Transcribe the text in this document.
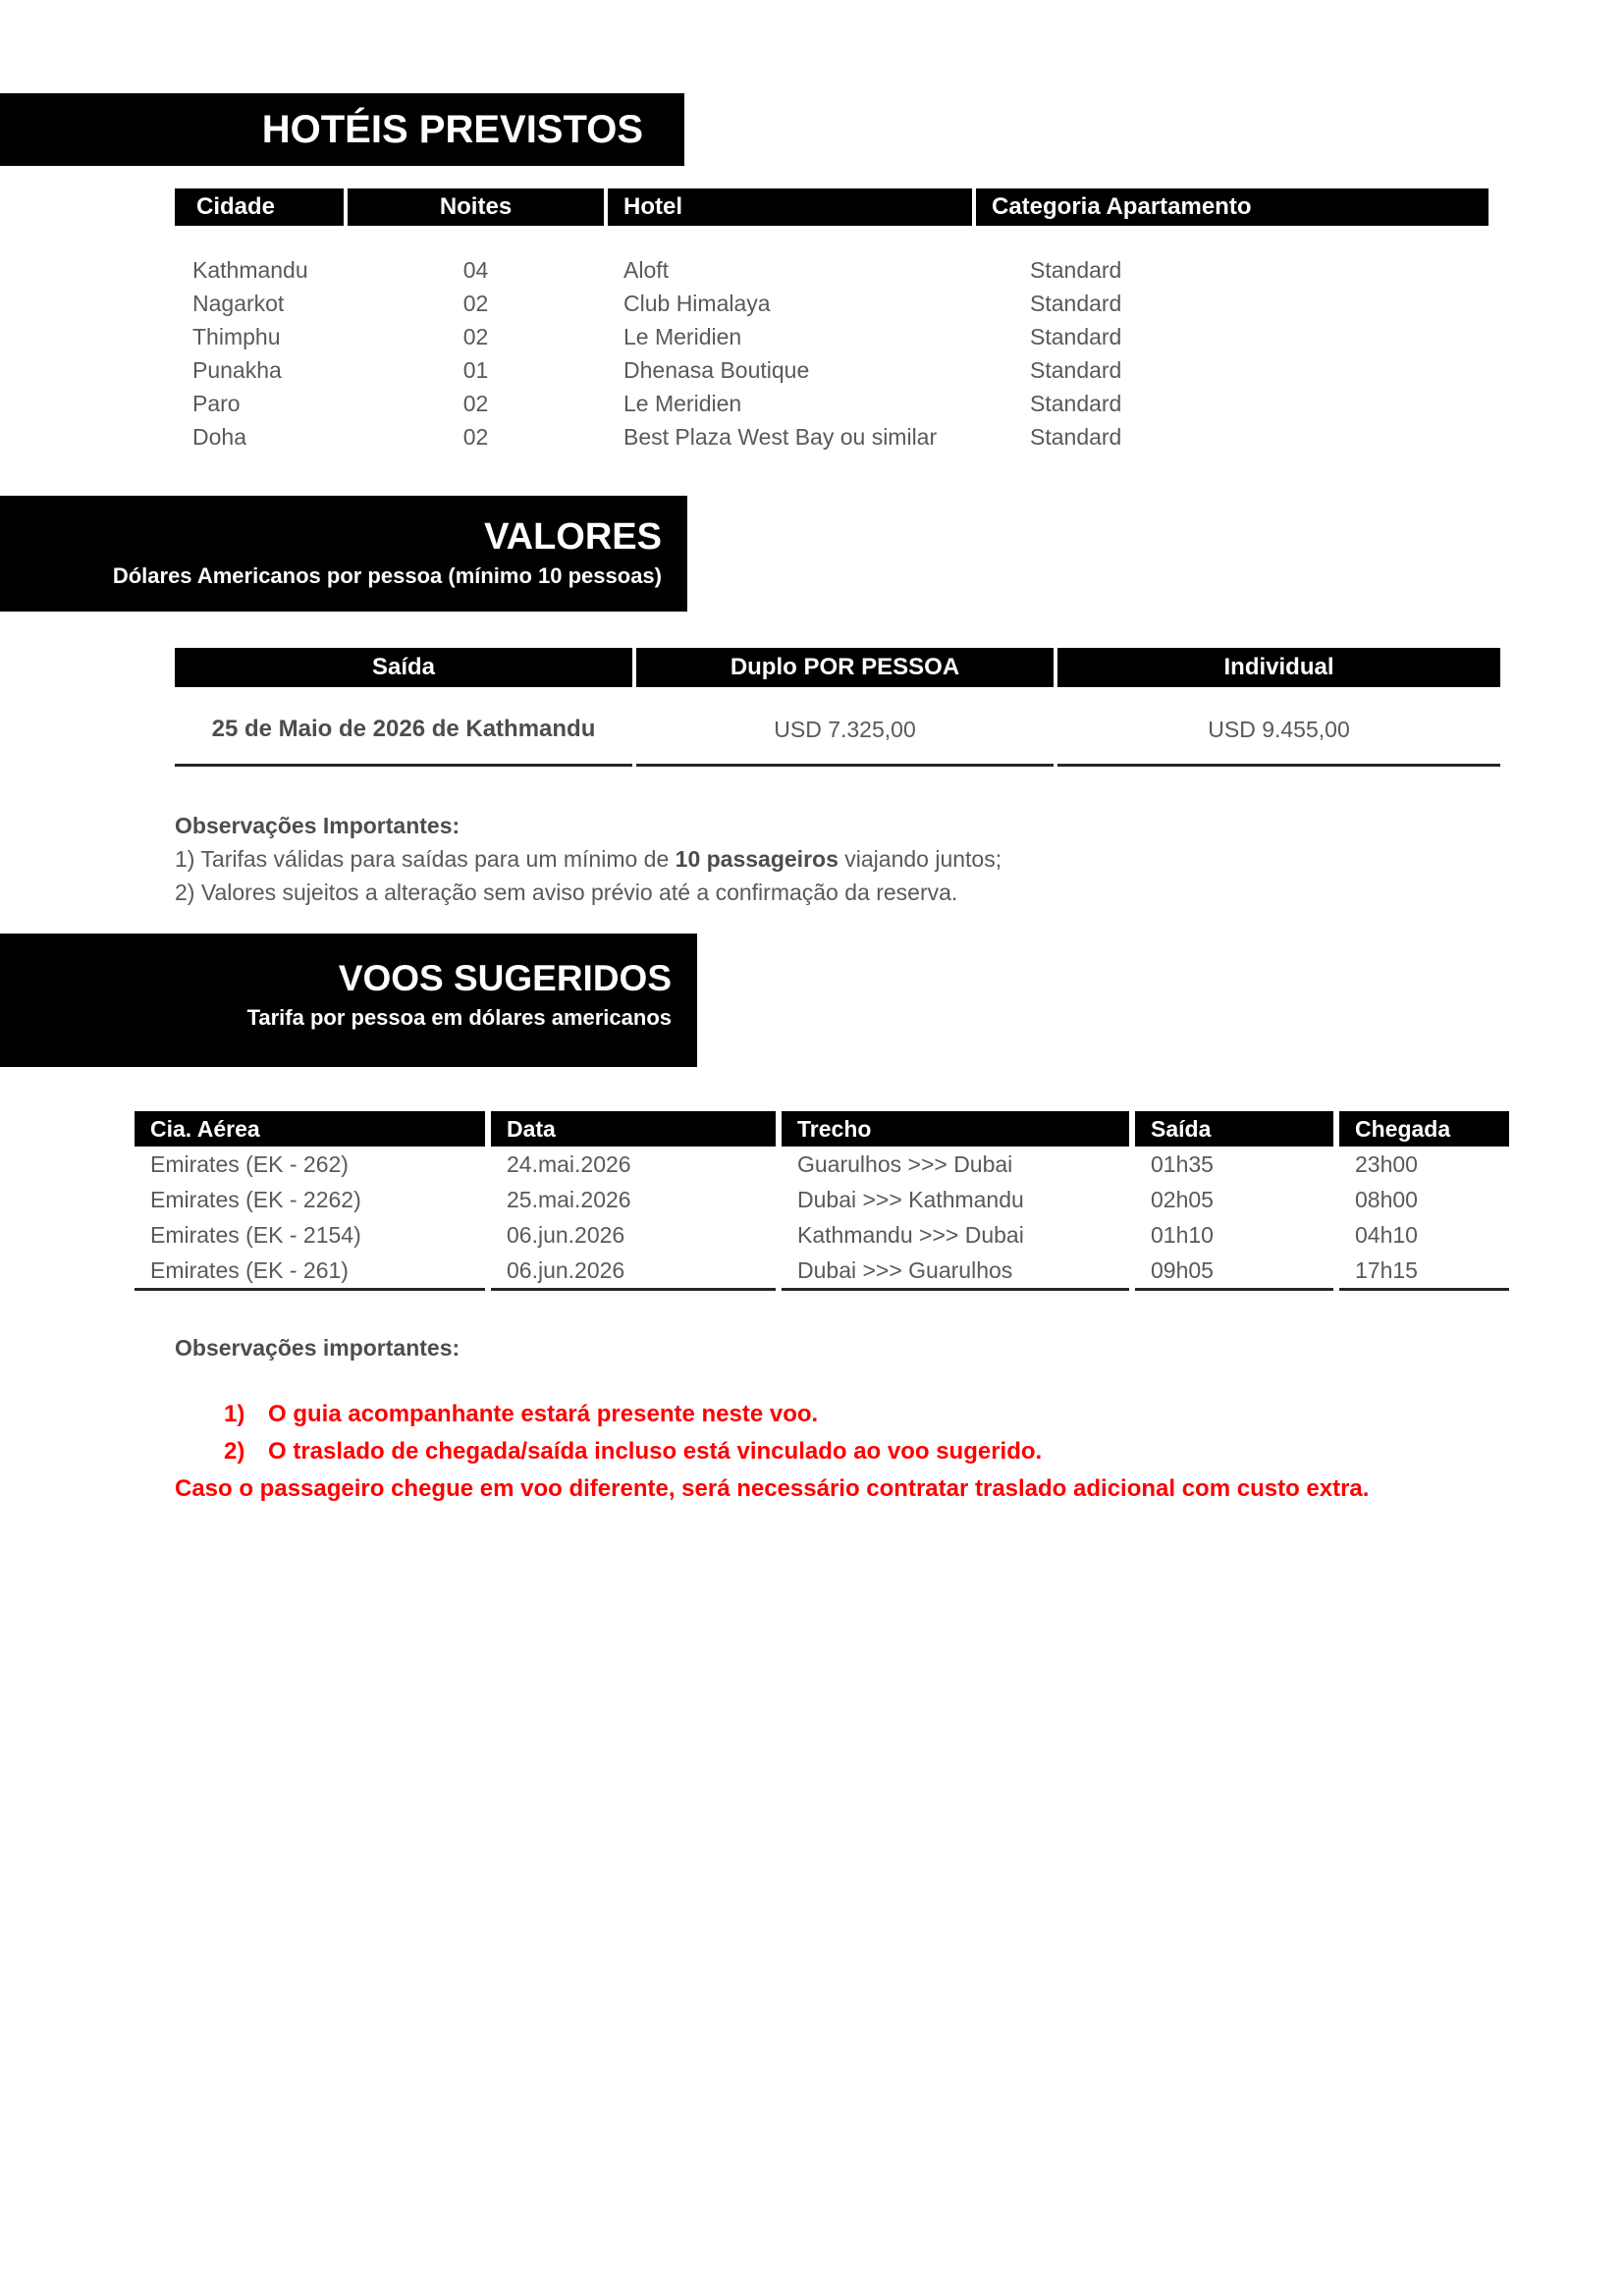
HOTÉIS PREVISTOS
Cidade	Noites	Hotel	Categoria Apartamento
Kathmandu	04	Aloft	Standard
Nagarkot	02	Club Himalaya	Standard
Thimphu	02	Le Meridien	Standard
Punakha	01	Dhenasa Boutique	Standard
Paro	02	Le Meridien	Standard
Doha	02	Best Plaza West Bay ou similar	Standard
VALORES
Dólares Americanos por pessoa (mínimo 10 pessoas)
Saída	Duplo POR PESSOA	Individual
25 de Maio de 2026 de Kathmandu	USD 7.325,00	USD 9.455,00
Observações Importantes:
1) Tarifas válidas para saídas para um mínimo de 10 passageiros viajando juntos;
2) Valores sujeitos a alteração sem aviso prévio até a confirmação da reserva.
VOOS SUGERIDOS
Tarifa por pessoa em dólares americanos
Cia. Aérea	Data	Trecho	Saída	Chegada
Emirates (EK - 262)	24.mai.2026	Guarulhos >>> Dubai	01h35	23h00
Emirates (EK - 2262)	25.mai.2026	Dubai >>> Kathmandu	02h05	08h00
Emirates (EK - 2154)	06.jun.2026	Kathmandu >>> Dubai	01h10	04h10
Emirates (EK - 261)	06.jun.2026	Dubai >>> Guarulhos	09h05	17h15
Observações importantes:
1) O guia acompanhante estará presente neste voo.
2) O traslado de chegada/saída incluso está vinculado ao voo sugerido.
Caso o passageiro chegue em voo diferente, será necessário contratar traslado adicional com custo extra.
